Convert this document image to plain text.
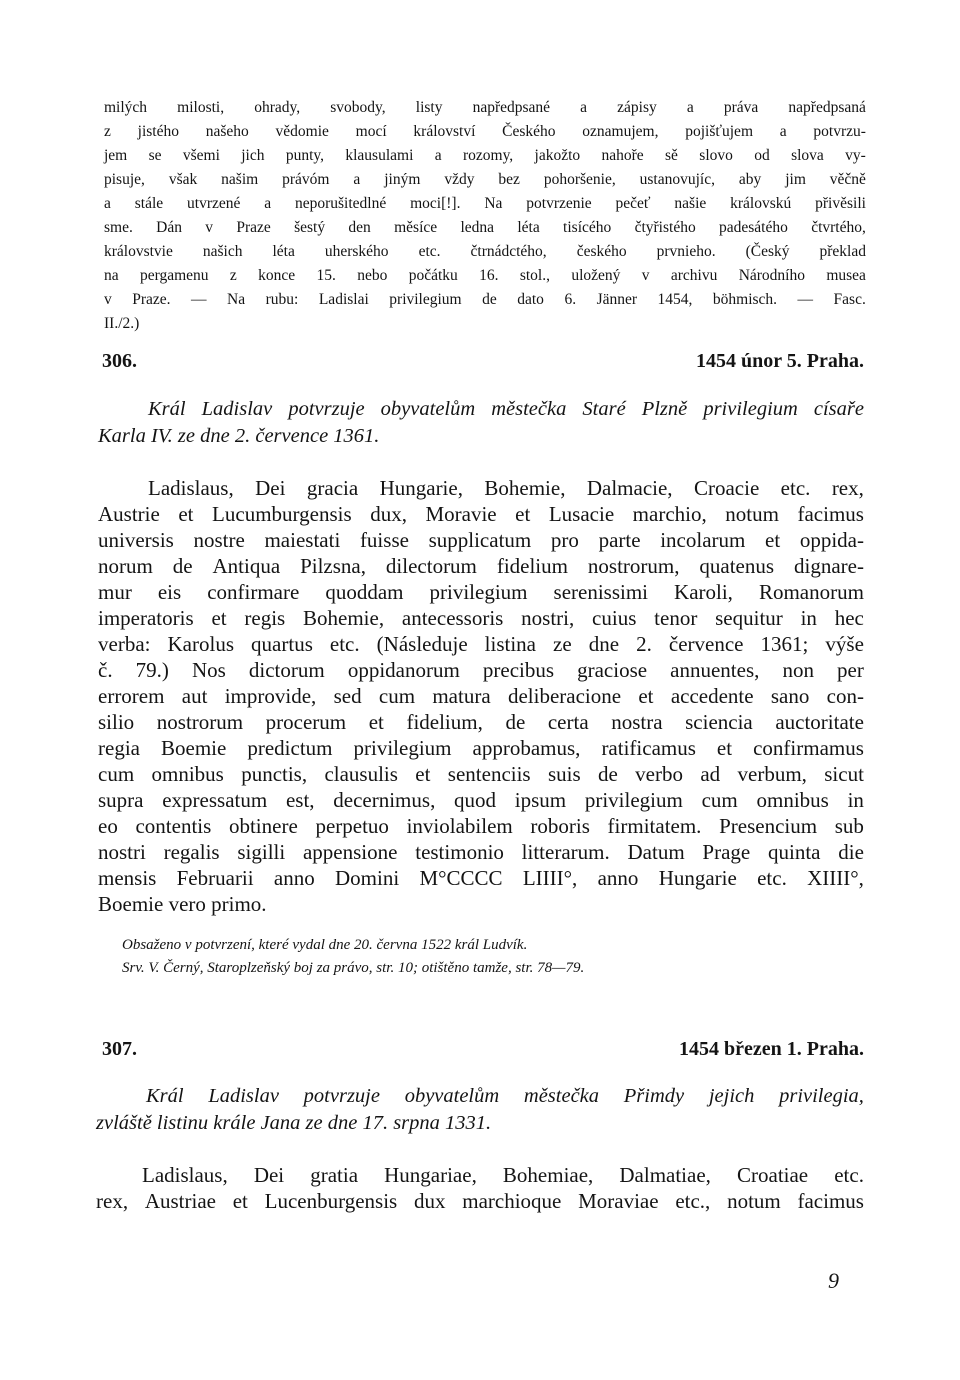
milých milosti, ohrady, svobody, listy napředpsané a zápisy a práva napředpsaná
z jistého našeho vědomie mocí království Českého oznamujem, pojišťujem a potvrzu-
jem se všemi jich punty, klausulami a rozomy, jakožto nahoře sě slovo od slova vy-
pisuje, však našim právóm a jiným vždy bez pohoršenie, ustanovujíc, aby jim věčně
a stále utvrzené a neporušitedlné moci[!]. Na potvrzenie pečeť našie královskú přivěsili
sme. Dán v Praze šestý den měsíce ledna léta tisícého čtyřistého padesátého čtvrtého,
královstvie našich léta uherského etc. čtrnádctého, českého prvnieho. (Český překlad
na pergamenu z konce 15. nebo počátku 16. stol., uložený v archivu Národního musea
v Praze. — Na rubu: Ladislai privilegium de dato 6. Jänner 1454, böhmisch. — Fasc.
II./2.)
306.	1454 únor 5. Praha.
Král Ladislav potvrzuje obyvatelům městečka Staré Plzně privilegium císaře
Karla IV. ze dne 2. července 1361.
Ladislaus, Dei gracia Hungarie, Bohemie, Dalmacie, Croacie etc. rex,
Austrie et Lucumburgensis dux, Moravie et Lusacie marchio, notum facimus
universis nostre maiestati fuisse supplicatum pro parte incolarum et oppida-
norum de Antiqua Pilzsna, dilectorum fidelium nostrorum, quatenus dignare-
mur eis confirmare quoddam privilegium serenissimi Karoli, Romanorum
imperatoris et regis Bohemie, antecessoris nostri, cuius tenor sequitur in hec
verba: Karolus quartus etc. (Následuje listina ze dne 2. července 1361; výše
č. 79.) Nos dictorum oppidanorum precibus graciose annuentes, non per
errorem aut improvide, sed cum matura deliberacione et accedente sano con-
silio nostrorum procerum et fidelium, de certa nostra sciencia auctoritate
regia Boemie predictum privilegium approbamus, ratificamus et confirmamus
cum omnibus punctis, clausulis et sentenciis suis de verbo ad verbum, sicut
supra expressatum est, decernimus, quod ipsum privilegium cum omnibus in
eo contentis obtinere perpetuo inviolabilem roboris firmitatem. Presencium sub
nostri regalis sigilli appensione testimonio litterarum. Datum Prage quinta die
mensis Februarii anno Domini M°CCCC LIIII°, anno Hungarie etc. XIIII°,
Boemie vero primo.
Obsaženo v potvrzení, které vydal dne 20. června 1522 král Ludvík.
Srv. V. Černý, Staroplzeňský boj za právo, str. 10; otištěno tamže, str. 78—79.
307.	1454 březen 1. Praha.
Král Ladislav potvrzuje obyvatelům městečka Přimdy jejich privilegia,
zvláště listinu krále Jana ze dne 17. srpna 1331.
Ladislaus, Dei gratia Hungariae, Bohemiae, Dalmatiae, Croatiae etc.
rex, Austriae et Lucenburgensis dux marchioque Moraviae etc., notum facimus
9
